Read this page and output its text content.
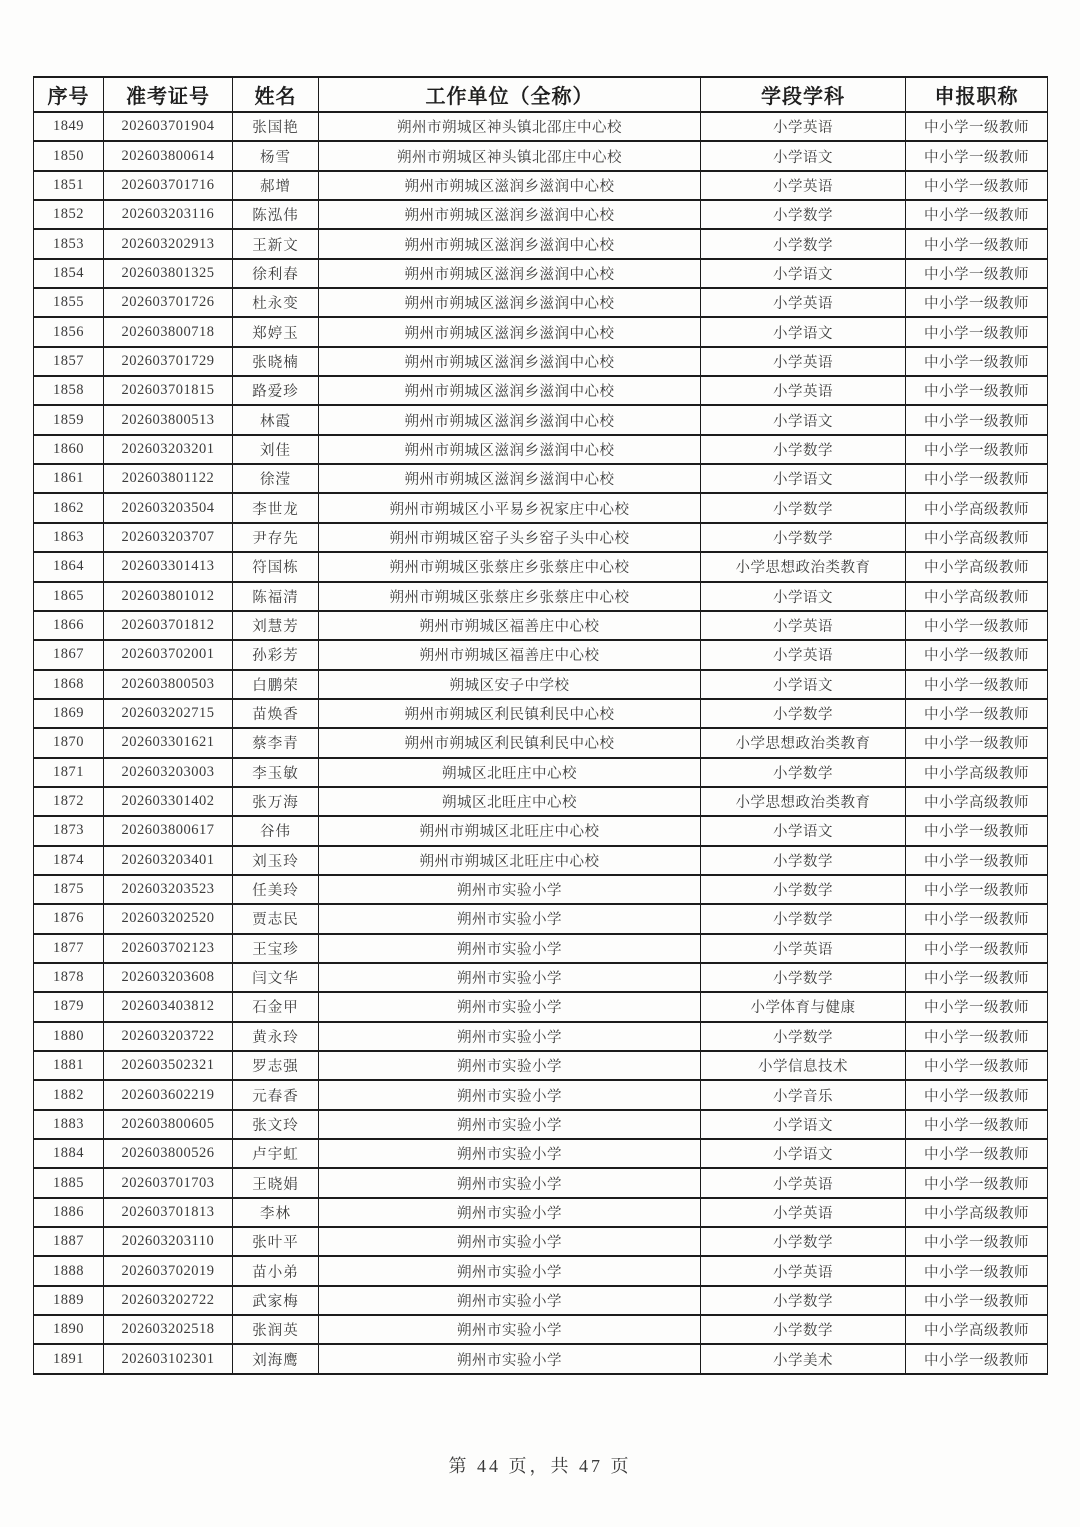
序号	准考证号	姓名	工作单位（全称）	学段学科	申报职称
1849	202603701904	张国艳	朔州市朔城区神头镇北邵庄中心校	小学英语	中小学一级教师
1850	202603800614	杨雪	朔州市朔城区神头镇北邵庄中心校	小学语文	中小学一级教师
1851	202603701716	郝增	朔州市朔城区滋润乡滋润中心校	小学英语	中小学一级教师
1852	202603203116	陈泓伟	朔州市朔城区滋润乡滋润中心校	小学数学	中小学一级教师
1853	202603202913	王新文	朔州市朔城区滋润乡滋润中心校	小学数学	中小学一级教师
1854	202603801325	徐利春	朔州市朔城区滋润乡滋润中心校	小学语文	中小学一级教师
1855	202603701726	杜永变	朔州市朔城区滋润乡滋润中心校	小学英语	中小学一级教师
1856	202603800718	郑婷玉	朔州市朔城区滋润乡滋润中心校	小学语文	中小学一级教师
1857	202603701729	张晓楠	朔州市朔城区滋润乡滋润中心校	小学英语	中小学一级教师
1858	202603701815	路爱珍	朔州市朔城区滋润乡滋润中心校	小学英语	中小学一级教师
1859	202603800513	林霞	朔州市朔城区滋润乡滋润中心校	小学语文	中小学一级教师
1860	202603203201	刘佳	朔州市朔城区滋润乡滋润中心校	小学数学	中小学一级教师
1861	202603801122	徐滢	朔州市朔城区滋润乡滋润中心校	小学语文	中小学一级教师
1862	202603203504	李世龙	朔州市朔城区小平易乡祝家庄中心校	小学数学	中小学高级教师
1863	202603203707	尹存先	朔州市朔城区窑子头乡窑子头中心校	小学数学	中小学高级教师
1864	202603301413	符国栋	朔州市朔城区张蔡庄乡张蔡庄中心校	小学思想政治类教育	中小学高级教师
1865	202603801012	陈福清	朔州市朔城区张蔡庄乡张蔡庄中心校	小学语文	中小学高级教师
1866	202603701812	刘慧芳	朔州市朔城区福善庄中心校	小学英语	中小学一级教师
1867	202603702001	孙彩芳	朔州市朔城区福善庄中心校	小学英语	中小学一级教师
1868	202603800503	白鹏荣	朔城区安子中学校	小学语文	中小学一级教师
1869	202603202715	苗焕香	朔州市朔城区利民镇利民中心校	小学数学	中小学一级教师
1870	202603301621	蔡李青	朔州市朔城区利民镇利民中心校	小学思想政治类教育	中小学一级教师
1871	202603203003	李玉敏	朔城区北旺庄中心校	小学数学	中小学高级教师
1872	202603301402	张万海	朔城区北旺庄中心校	小学思想政治类教育	中小学高级教师
1873	202603800617	谷伟	朔州市朔城区北旺庄中心校	小学语文	中小学一级教师
1874	202603203401	刘玉玲	朔州市朔城区北旺庄中心校	小学数学	中小学一级教师
1875	202603203523	任美玲	朔州市实验小学	小学数学	中小学一级教师
1876	202603202520	贾志民	朔州市实验小学	小学数学	中小学一级教师
1877	202603702123	王宝珍	朔州市实验小学	小学英语	中小学一级教师
1878	202603203608	闫文华	朔州市实验小学	小学数学	中小学一级教师
1879	202603403812	石金甲	朔州市实验小学	小学体育与健康	中小学一级教师
1880	202603203722	黄永玲	朔州市实验小学	小学数学	中小学一级教师
1881	202603502321	罗志强	朔州市实验小学	小学信息技术	中小学一级教师
1882	202603602219	元春香	朔州市实验小学	小学音乐	中小学一级教师
1883	202603800605	张文玲	朔州市实验小学	小学语文	中小学一级教师
1884	202603800526	卢宇虹	朔州市实验小学	小学语文	中小学一级教师
1885	202603701703	王晓娟	朔州市实验小学	小学英语	中小学一级教师
1886	202603701813	李林	朔州市实验小学	小学英语	中小学高级教师
1887	202603203110	张叶平	朔州市实验小学	小学数学	中小学一级教师
1888	202603702019	苗小弟	朔州市实验小学	小学英语	中小学一级教师
1889	202603202722	武家梅	朔州市实验小学	小学数学	中小学一级教师
1890	202603202518	张润英	朔州市实验小学	小学数学	中小学高级教师
1891	202603102301	刘海鹰	朔州市实验小学	小学美术	中小学一级教师
第 44 页，共 47 页
